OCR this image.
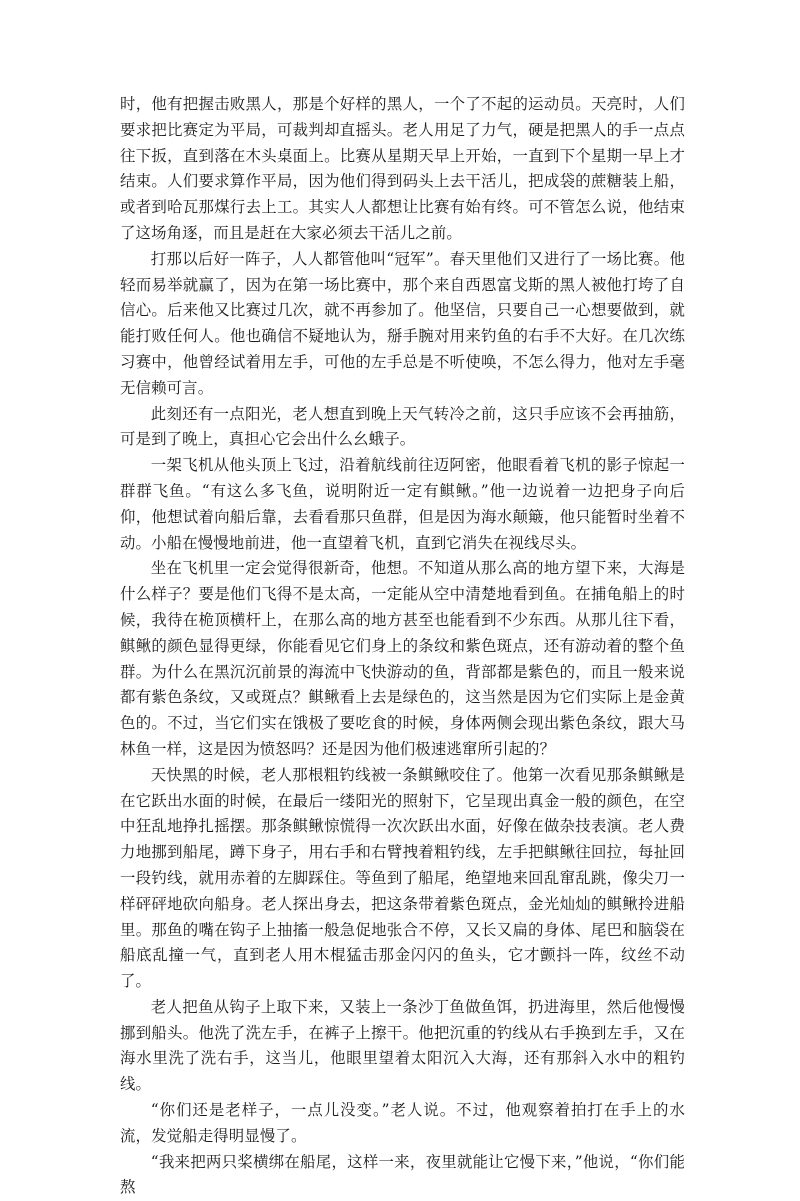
时，他有把握击败黑人，那是个好样的黑人，一个了不起的运动员。天亮时，人们要求把比赛定为平局，可裁判却直摇头。老人用足了力气，硬是把黑人的手一点点往下扳，直到落在木头桌面上。比赛从星期天早上开始，一直到下个星期一早上才结束。人们要求算作平局，因为他们得到码头上去干活儿，把成袋的蔗糖装上船，或者到哈瓦那煤行去上工。其实人人都想让比赛有始有终。可不管怎么说，他结束了这场角逐，而且是赶在大家必须去干活儿之前。

打那以后好一阵子，人人都管他叫“冠军”。春天里他们又进行了一场比赛。他轻而易举就赢了，因为在第一场比赛中，那个来自西恩富戈斯的黑人被他打垮了自信心。后来他又比赛过几次，就不再参加了。他坚信，只要自己一心想要做到，就能打败任何人。他也确信不疑地认为，掰手腕对用来钓鱼的右手不大好。在几次练习赛中，他曾经试着用左手，可他的左手总是不听使唤，不怎么得力，他对左手毫无信赖可言。

此刻还有一点阳光，老人想直到晚上天气转冷之前，这只手应该不会再抽筋，可是到了晚上，真担心它会出什么幺蛾子。

一架飞机从他头顶上飞过，沿着航线前往迈阿密，他眼看着飞机的影子惊起一群群飞鱼。“有这么多飞鱼，说明附近一定有鲯鳅。”他一边说着一边把身子向后仰，他想试着向船后靠，去看看那只鱼群，但是因为海水颠簸，他只能暂时坐着不动。小船在慢慢地前进，他一直望着飞机，直到它消失在视线尽头。

坐在飞机里一定会觉得很新奇，他想。不知道从那么高的地方望下来，大海是什么样子？要是他们飞得不是太高，一定能从空中清楚地看到鱼。在捕龟船上的时候，我待在桅顶横杆上，在那么高的地方甚至也能看到不少东西。从那儿往下看，鲯鳅的颜色显得更绿，你能看见它们身上的条纹和紫色斑点，还有游动着的整个鱼群。为什么在黑沉沉前景的海流中飞快游动的鱼，背部都是紫色的，而且一般来说都有紫色条纹，又或斑点？鲯鳅看上去是绿色的，这当然是因为它们实际上是金黄色的。不过，当它们实在饿极了要吃食的时候，身体两侧会现出紫色条纹，跟大马林鱼一样，这是因为愤怒吗？还是因为他们极速逃窜所引起的？

天快黑的时候，老人那根粗钓线被一条鲯鳅咬住了。他第一次看见那条鲯鳅是在它跃出水面的时候，在最后一缕阳光的照射下，它呈现出真金一般的颜色，在空中狂乱地挣扎摇摆。那条鲯鳅惊慌得一次次跃出水面，好像在做杂技表演。老人费力地挪到船尾，蹲下身子，用右手和右臂拽着粗钓线，左手把鲯鳅往回拉，每扯回一段钓线，就用赤着的左脚踩住。等鱼到了船尾，绝望地来回乱窜乱跳，像尖刀一样砰砰地砍向船身。老人探出身去，把这条带着紫色斑点，金光灿灿的鲯鳅拎进船里。那鱼的嘴在钩子上抽搐一般急促地张合不停，又长又扁的身体、尾巴和脑袋在船底乱撞一气，直到老人用木棍猛击那金闪闪的鱼头，它才颤抖一阵，纹丝不动了。

老人把鱼从钩子上取下来，又装上一条沙丁鱼做鱼饵，扔进海里，然后他慢慢挪到船头。他洗了洗左手，在裤子上擦干。他把沉重的钓线从右手换到左手，又在海水里洗了洗右手，这当儿，他眼里望着太阳沉入大海，还有那斜入水中的粗钓线。

“你们还是老样子，一点儿没变。”老人说。不过，他观察着拍打在手上的水流，发觉船走得明显慢了。

“我来把两只桨横绑在船尾，这样一来，夜里就能让它慢下来，”他说，“你们能熬
